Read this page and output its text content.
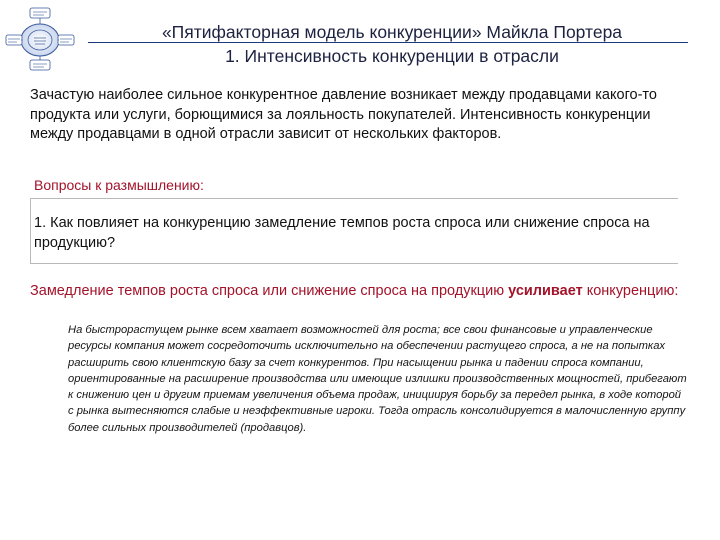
«Пятифакторная модель конкуренции» Майкла Портера
1. Интенсивность конкуренции в отрасли
Зачастую наиболее сильное конкурентное давление возникает между продавцами какого-то продукта или услуги, борющимися за лояльность покупателей. Интенсивность конкуренции между продавцами в одной отрасли зависит от нескольких факторов.
Вопросы к размышлению:
1. Как повлияет на конкуренцию замедление темпов роста спроса или снижение спроса на продукцию?
Замедление темпов роста спроса или снижение спроса на продукцию усиливает конкуренцию:
На быстрорастущем рынке всем хватает возможностей для роста; все свои финансовые и управленческие ресурсы компания может сосредоточить исключительно на обеспечении растущего спроса, а не на попытках расширить свою клиентскую базу за счет конкурентов. При насыщении рынка и падении спроса компании, ориентированные на расширение производства или имеющие излишки производственных мощностей, прибегают к снижению цен и другим приемам увеличения объема продаж, инициируя борьбу за передел рынка, в ходе которой с рынка вытесняются слабые и неэффективные игроки. Тогда отрасль консолидируется в малочисленную группу более сильных производителей (продавцов).
